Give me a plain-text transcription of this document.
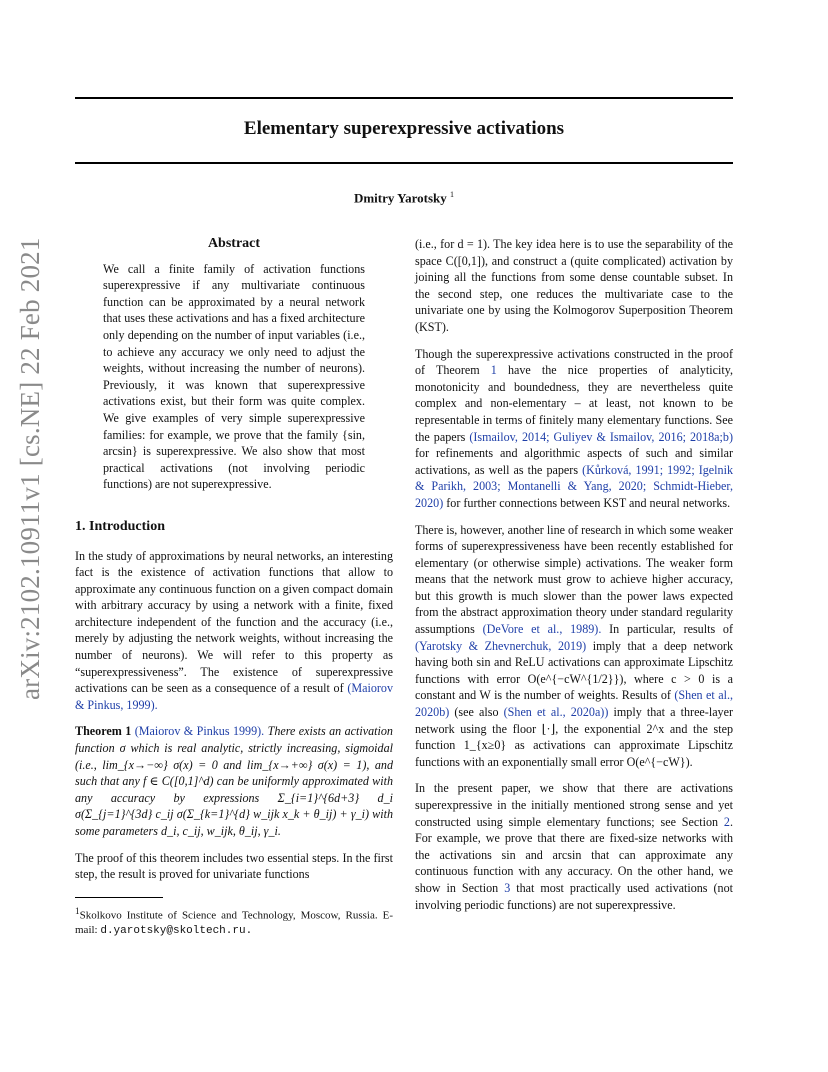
Elementary superexpressive activations
Dmitry Yarotsky $^1$
arXiv:2102.10911v1 [cs.NE] 22 Feb 2021	Abstract
We call a finite family of activation functions superexpressive if any multivariate continuous function can be approximated by a neural network that uses these activations and has a fixed architecture only depending on the number of input variables (i.e., to achieve any accuracy we only need to adjust the weights, without increasing the number of neurons). Previously, it was known that superexpressive activations exist, but their form was quite complex. We give examples of very simple superexpressive families: for example, we prove that the family {sin, arcsin} is superexpressive. We also show that most practical activations (not involving periodic functions) are not superexpressive.
1. Introduction

In the study of approximations by neural networks, an interesting fact is the existence of activation functions that allow to approximate any continuous function on a given compact domain with arbitrary accuracy by using a network with a finite, fixed architecture independent of the function and the accuracy (i.e., merely by adjusting the network weights, without increasing the number of neurons). We will refer to this property as “superexpressiveness”. The existence of superexpressive activations can be seen as a consequence of a result of (Maiorov & Pinkus, 1999).

Theorem 1 (Maiorov & Pinkus 1999). There exists an activation function σ which is real analytic, strictly increasing, sigmoidal (i.e., lim_{x→−∞} σ(x) = 0 and lim_{x→+∞} σ(x) = 1), and such that any f ∈ C([0,1]^d) can be uniformly approximated with any accuracy by expressions Σ_{i=1}^{6d+3} d_i σ(Σ_{j=1}^{3d} c_ij σ(Σ_{k=1}^{d} w_ijk x_k + θ_ij) + γ_i) with some parameters d_i, c_ij, w_ijk, θ_ij, γ_i.

The proof of this theorem includes two essential steps. In the first step, the result is proved for univariate functions

$^1$Skolkovo Institute of Science and Technology, Moscow, Russia. E-mail: d.yarotsky@skoltech.ru.

(i.e., for d = 1). The key idea here is to use the separability of the space C([0,1]), and construct a (quite complicated) activation by joining all the functions from some dense countable subset. In the second step, one reduces the multivariate case to the univariate one by using the Kolmogorov Superposition Theorem (KST).

Though the superexpressive activations constructed in the proof of Theorem 1 have the nice properties of analyticity, monotonicity and boundedness, they are nevertheless quite complex and non-elementary – at least, not known to be representable in terms of finitely many elementary functions. See the papers (Ismailov, 2014; Guliyev & Ismailov, 2016; 2018a;b) for refinements and algorithmic aspects of such and similar activations, as well as the papers (Kůrková, 1991; 1992; Igelnik & Parikh, 2003; Montanelli & Yang, 2020; Schmidt-Hieber, 2020) for further connections between KST and neural networks.

There is, however, another line of research in which some weaker forms of superexpressiveness have been recently established for elementary (or otherwise simple) activations. The weaker form means that the network must grow to achieve higher accuracy, but this growth is much slower than the power laws expected from the abstract approximation theory under standard regularity assumptions (DeVore et al., 1989). In particular, results of (Yarotsky & Zhevnerchuk, 2019) imply that a deep network having both sin and ReLU activations can approximate Lipschitz functions with error O(e^{−cW^{1/2}}), where c > 0 is a constant and W is the number of weights. Results of (Shen et al., 2020b) (see also (Shen et al., 2020a)) imply that a three-layer network using the floor ⌊·⌋, the exponential 2^x and the step function 1_{x≥0} as activations can approximate Lipschitz functions with an exponentially small error O(e^{−cW}).

In the present paper, we show that there are activations superexpressive in the initially mentioned strong sense and yet constructed using simple elementary functions; see Section 2. For example, we prove that there are fixed-size networks with the activations sin and arcsin that can approximate any continuous function with any accuracy. On the other hand, we show in Section 3 that most practically used activations (not involving periodic functions) are not superexpressive.
